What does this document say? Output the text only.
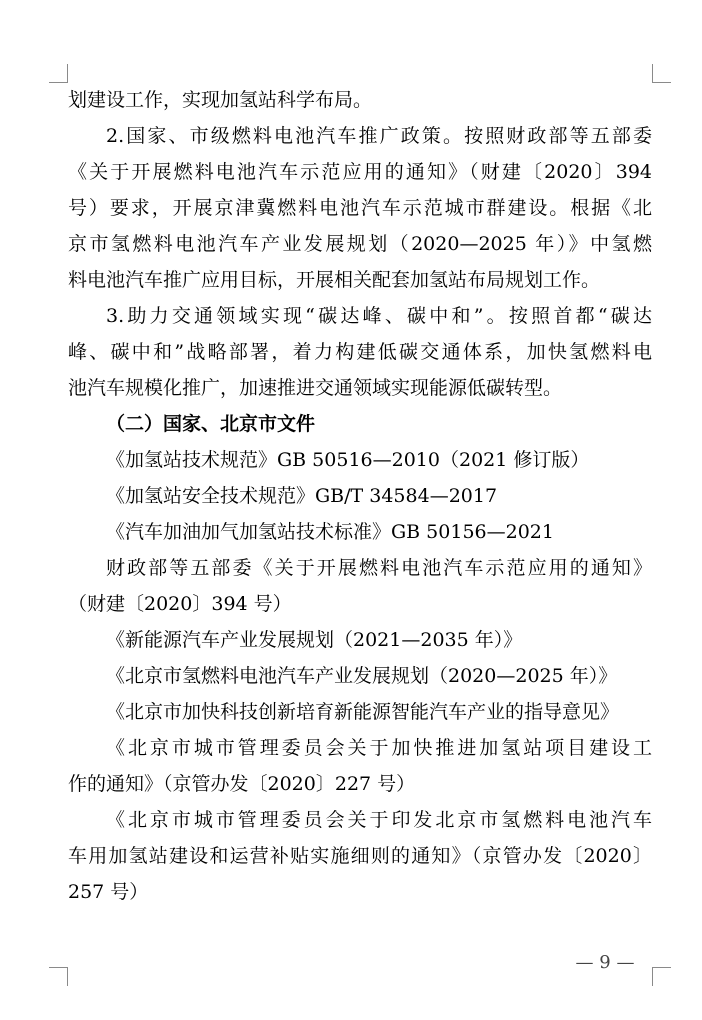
划建设工作，实现加氢站科学布局。
2.国家、市级燃料电池汽车推广政策。按照财政部等五部委
《关于开展燃料电池汽车示范应用的通知》（财建〔2020〕394
号）要求，开展京津冀燃料电池汽车示范城市群建设。根据《北
京市氢燃料电池汽车产业发展规划（2020—2025 年）》中氢燃
料电池汽车推广应用目标，开展相关配套加氢站布局规划工作。
3.助力交通领域实现“碳达峰、碳中和”。按照首都“碳达
峰、碳中和”战略部署，着力构建低碳交通体系，加快氢燃料电
池汽车规模化推广，加速推进交通领域实现能源低碳转型。
（二）国家、北京市文件
《加氢站技术规范》GB 50516—2010（2021 修订版）
《加氢站安全技术规范》GB/T 34584—2017
《汽车加油加气加氢站技术标准》GB 50156—2021
财政部等五部委《关于开展燃料电池汽车示范应用的通知》
（财建〔2020〕394 号）
《新能源汽车产业发展规划（2021—2035 年）》
《北京市氢燃料电池汽车产业发展规划（2020—2025 年）》
《北京市加快科技创新培育新能源智能汽车产业的指导意见》
《北京市城市管理委员会关于加快推进加氢站项目建设工
作的通知》（京管办发〔2020〕227 号）
《北京市城市管理委员会关于印发北京市氢燃料电池汽车
车用加氢站建设和运营补贴实施细则的通知》（京管办发〔2020〕
257 号）
— 9 —
